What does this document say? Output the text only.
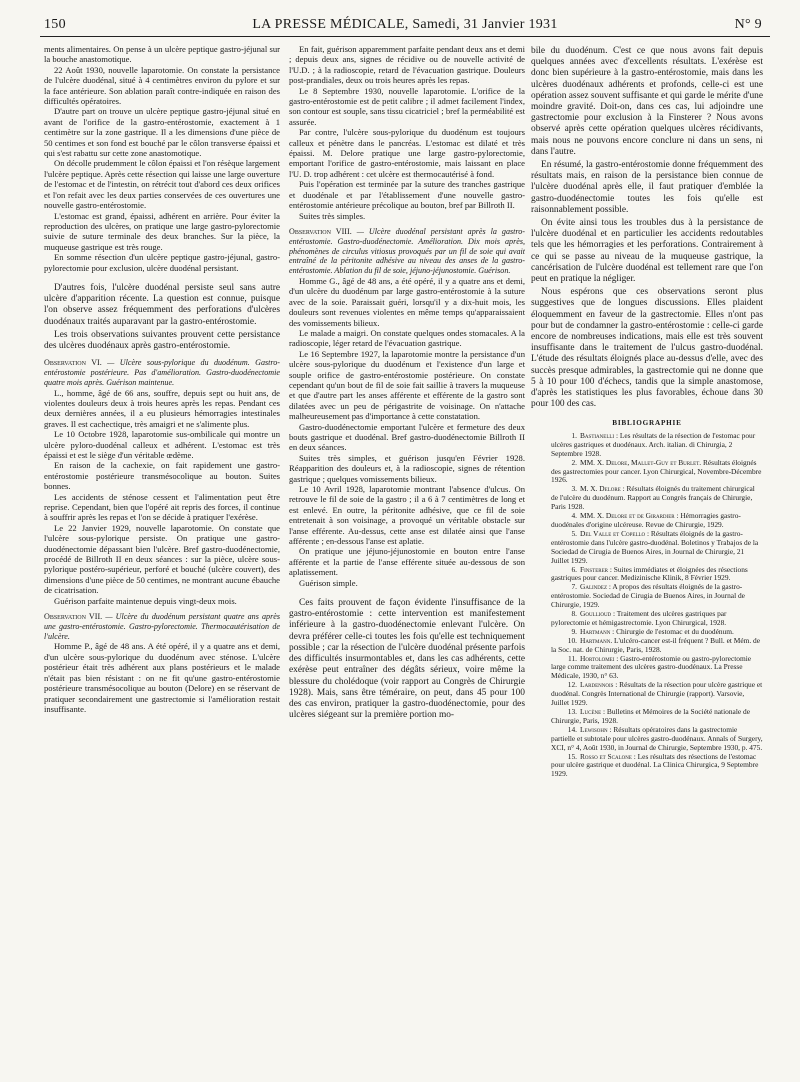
150	LA PRESSE MÉDICALE, Samedi, 31 Janvier 1931	N° 9

ments alimentaires. On pense à un ulcère peptique gastro-jéjunal sur la bouche anastomotique.

22 Août 1930, nouvelle laparotomie. On constate la persistance de l'ulcère duodénal, situé à 4 centimètres environ du pylore et sur la face antérieure. Son ablation paraît contre-indiquée en raison des difficultés opératoires.

D'autre part on trouve un ulcère peptique gastro-jéjunal situé en avant de l'orifice de la gastro-entérostomie, exactement à 1 centimètre sur la zone gastrique. Il a les dimensions d'une pièce de 50 centimes et son fond est bouché par le côlon transverse épaissi et qui s'est rabattu sur cette zone anastomotique.

On décolle prudemment le côlon épaissi et l'on résèque largement l'ulcère peptique. Après cette résection qui laisse une large ouverture de l'estomac et de l'intestin, on rétrécit tout d'abord ces deux orifices et l'on refait avec les deux parties conservées de ces ouvertures une nouvelle gastro-entérostomie.

L'estomac est grand, épaissi, adhérent en arrière. Pour éviter la reproduction des ulcères, on pratique une large gastro-pylorectomie suivie de suture terminale des deux branches. Sur la pièce, la muqueuse gastrique est très rouge.

En somme résection d'un ulcère peptique gastro-jéjunal, gastro-pylorectomie pour exclusion, ulcère duodénal persistant.

D'autres fois, l'ulcère duodénal persiste seul sans autre ulcère d'apparition récente. La question est connue, puisque l'on observe assez fréquemment des perforations d'ulcères duodénaux traités auparavant par la gastro-entérostomie.

Les trois observations suivantes prouvent cette persistance des ulcères duodénaux après gastro-entérostomie.

Observation VI. — Ulcère sous-pylorique du duodénum. Gastro-entérostomie postérieure. Pas d'amélioration. Gastro-duodénectomie quatre mois après. Guérison maintenue.

L., homme, âgé de 66 ans, souffre, depuis sept ou huit ans, de violentes douleurs deux à trois heures après les repas. Pendant ces deux dernières années, il a eu plusieurs hémorragies intestinales graves. Il est cachectique, très amaigri et ne s'alimente plus.

Le 10 Octobre 1928, laparotomie sus-ombilicale qui montre un ulcère pyloro-duodénal calleux et adhérent. L'estomac est très épaissi et est le siège d'un véritable œdème.

En raison de la cachexie, on fait rapidement une gastro-entérostomie postérieure transmésocolique au bouton. Suites bonnes.

Les accidents de sténose cessent et l'alimentation peut être reprise. Cependant, bien que l'opéré ait repris des forces, il continue à souffrir après les repas et l'on se décide à pratiquer l'exérèse.

Le 22 Janvier 1929, nouvelle laparotomie. On constate que l'ulcère sous-pylorique persiste. On pratique une gastro-duodénectomie dépassant bien l'ulcère. Bref gastro-duodénectomie, procédé de Billroth II en deux séances : sur la pièce, ulcère sous-pylorique postéro-supérieur, perforé et bouché (ulcère couvert), des dimensions d'une pièce de 50 centimes, ne montrant aucune ébauche de cicatrisation.

Guérison parfaite maintenue depuis vingt-deux mois.

Observation VII. — Ulcère du duodénum persistant quatre ans après une gastro-entérostomie. Gastro-pylorectomie. Thermocautérisation de l'ulcère.

Homme P., âgé de 48 ans. A été opéré, il y a quatre ans et demi, d'un ulcère sous-pylorique du duodénum avec sténose. L'ulcère postérieur était très adhérent aux plans postérieurs et le malade n'était pas bien résistant : on ne fit qu'une gastro-entérostomie postérieure transmésocolique au bouton (Delore) en se réservant de pratiquer secondairement une gastrectomie si l'amélioration restait insuffisante.

En fait, guérison apparemment parfaite pendant deux ans et demi ; depuis deux ans, signes de récidive ou de nouvelle activité de l'U.D. ; à la radioscopie, retard de l'évacuation gastrique. Douleurs post-prandiales, deux ou trois heures après les repas.

Le 8 Septembre 1930, nouvelle laparotomie. L'orifice de la gastro-entérostomie est de petit calibre ; il admet facilement l'index, son contour est souple, sans tissu cicatriciel ; bref la perméabilité est assurée.

Par contre, l'ulcère sous-pylorique du duodénum est toujours calleux et pénètre dans le pancréas. L'estomac est dilaté et très épaissi. M. Delore pratique une large gastro-pylorectomie, emportant l'orifice de gastro-entérostomie, mais laissant en place l'U. D. trop adhérent : cet ulcère est thermocautérisé à fond.

Puis l'opération est terminée par la suture des tranches gastrique et duodénale et par l'établissement d'une nouvelle gastro-entérostomie antérieure précolique au bouton, bref par Billroth II.

Suites très simples.

Observation VIII. — Ulcère duodénal persistant après la gastro-entérostomie. Gastro-duodénectomie. Amélioration. Dix mois après, phénomènes de circulus vitiosus provoqués par un fil de soie qui avait entraîné de la péritonite adhésive au niveau des anses de la gastro-entérostomie. Ablation du fil de soie, jéjuno-jéjunostomie. Guérison.

Homme G., âgé de 48 ans, a été opéré, il y a quatre ans et demi, d'un ulcère du duodénum par large gastro-entérostomie à la suture avec de la soie. Paraissait guéri, lorsqu'il y a dix-huit mois, les douleurs sont revenues violentes en même temps qu'apparaissaient des vomissements bilieux.

Le malade a maigri. On constate quelques ondes stomacales. A la radioscopie, léger retard de l'évacuation gastrique.

Le 16 Septembre 1927, la laparotomie montre la persistance d'un ulcère sous-pylorique du duodénum et l'existence d'un large et souple orifice de gastro-entérostomie postérieure. On constate cependant qu'un bout de fil de soie fait saillie à travers la muqueuse et que d'autre part les anses afférente et efférente de la gastro sont dilatées avec un peu de périgastrite de voisinage. On n'attache malheureusement pas d'importance à cette constatation.

Gastro-duodénectomie emportant l'ulcère et fermeture des deux bouts gastrique et duodénal. Bref gastro-duodénectomie Billroth II en deux séances.

Suites très simples, et guérison jusqu'en Février 1928. Réapparition des douleurs et, à la radioscopie, signes de rétention gastrique ; quelques vomissements bilieux.

Le 10 Avril 1928, laparotomie montrant l'absence d'ulcus. On retrouve le fil de soie de la gastro ; il a 6 à 7 centimètres de long et est enlevé. En outre, la péritonite adhésive, que ce fil de soie entretenait à son voisinage, a provoqué un véritable obstacle sur l'anse efférente. Au-dessus, cette anse est dilatée ainsi que l'anse afférente ; en-dessous l'anse est aplatie.

On pratique une jéjuno-jéjunostomie en bouton entre l'anse afférente et la partie de l'anse efférente située au-dessous de son aplatissement.

Guérison simple.

Ces faits prouvent de façon évidente l'insuffisance de la gastro-entérostomie : cette intervention est manifestement inférieure à la gastro-duodénectomie enlevant l'ulcère. On devra préférer celle-ci toutes les fois qu'elle est techniquement possible ; car la résection de l'ulcère duodénal présente parfois des difficultés insurmontables et, dans les cas adhérents, cette exérèse peut entraîner des dégâts sérieux, voire même la blessure du cholédoque (voir rapport au Congrès de Chirurgie 1928). Mais, sans être téméraire, on peut, dans 45 pour 100 des cas environ, pratiquer la gastro-duodénectomie, pour des ulcères siégeant sur la première portion mo-

bile du duodénum. C'est ce que nous avons fait depuis quelques années avec d'excellents résultats. L'exérèse est donc bien supérieure à la gastro-entérostomie, mais dans les ulcères duodénaux adhérents et profonds, celle-ci est une opération assez souvent suffisante et qui garde le mérite d'une moindre gravité. Doit-on, dans ces cas, lui adjoindre une gastrectomie pour exclusion à la Finsterer ? Nous avons observé après cette opération quelques ulcères récidivants, mais nous ne pouvons encore conclure ni dans un sens, ni dans l'autre.

En résumé, la gastro-entérostomie donne fréquemment des résultats mais, en raison de la persistance bien connue de l'ulcère duodénal après elle, il faut pratiquer d'emblée la gastro-duodénectomie toutes les fois qu'elle est raisonnablement possible.

On évite ainsi tous les troubles dus à la persistance de l'ulcère duodénal et en particulier les accidents redoutables tels que les hémorragies et les perforations. Contrairement à ce qui se passe au niveau de la muqueuse gastrique, la cancérisation de l'ulcère duodénal est tellement rare que l'on peut en pratique la négliger.

Nous espérons que ces observations seront plus suggestives que de longues discussions. Elles plaident éloquemment en faveur de la gastrectomie. Elles n'ont pas pour but de condamner la gastro-entérostomie : celle-ci garde encore de nombreuses indications, mais elle est très souvent insuffisante dans le traitement de l'ulcus gastro-duodénal. L'étude des résultats éloignés place au-dessus d'elle, avec des succès presque admirables, la gastrectomie qui ne donne que 5 à 10 pour 100 d'échecs, tandis que la simple anastomose, d'après les statistiques les plus favorables, échoue dans 30 pour 100 des cas.

BIBLIOGRAPHIE

1. Bastianelli : Les résultats de la résection de l'estomac pour ulcères gastriques et duodénaux. Arch. italian. di Chirurgia, 2 Septembre 1928.

2. MM. X. Delore, Mallet-Guy et Burlet. Résultats éloignés des gastrectomies pour cancer. Lyon Chirurgical, Novembre-Décembre 1926.

3. M. X. Delore : Résultats éloignés du traitement chirurgical de l'ulcère du duodénum. Rapport au Congrès français de Chirurgie, Paris 1928.

4. MM. X. Delore et de Girardier : Hémorragies gastro-duodénales d'origine ulcéreuse. Revue de Chirurgie, 1929.

5. Del Valle et Copello : Résultats éloignés de la gastro-entérostomie dans l'ulcère gastro-duodénal. Boletinos y Trabajos de la Sociedad de Cirugia de Buenos Aires, in Journal de Chirurgie, 21 Juillet 1929.

6. Finsterer : Suites immédiates et éloignées des résections gastriques pour cancer. Medizinische Klinik, 8 Février 1929.

7. Galindez : A propos des résultats éloignés de la gastro-entérostomie. Sociedad de Cirugia de Buenos Aires, in Journal de Chirurgie, 1929.

8. Goullioud : Traitement des ulcères gastriques par pylorectomie et hémigastrectomie. Lyon Chirurgical, 1928.

9. Hartmann : Chirurgie de l'estomac et du duodénum.

10. Hartmann. L'ulcéro-cancer est-il fréquent ? Bull. et Mém. de la Soc. nat. de Chirurgie, Paris, 1928.

11. Hortolomei : Gastro-entérostomie ou gastro-pylorectomie large comme traitement des ulcères gastro-duodénaux. La Presse Médicale, 1930, n° 63.

12. Lardennois : Résultats de la résection pour ulcère gastrique et duodénal. Congrès International de Chirurgie (rapport). Varsovie, Juillet 1929.

13. Lucène : Bulletins et Mémoires de la Société nationale de Chirurgie, Paris, 1928.

14. Lewisohn : Résultats opératoires dans la gastrectomie partielle et subtotale pour ulcères gastro-duodénaux. Annals of Surgery, XCI, n° 4, Août 1930, in Journal de Chirurgie, Septembre 1930, p. 475.

15. Rosso et Scalone : Les résultats des résections de l'estomac pour ulcère gastrique et duodénal. La Clinica Chirurgica, 9 Septembre 1929.
